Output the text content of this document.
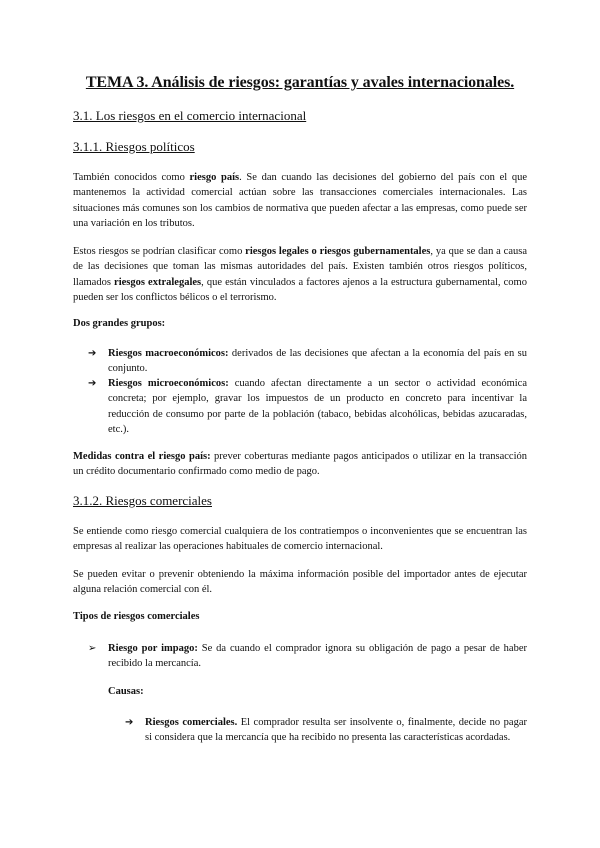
TEMA 3. Análisis de riesgos: garantías y avales internacionales.
3.1. Los riesgos en el comercio internacional
3.1.1. Riesgos políticos

También conocidos como riesgo país. Se dan cuando las decisiones del gobierno del país con el que mantenemos la actividad comercial actúan sobre las transacciones comerciales internacionales. Las situaciones más comunes son los cambios de normativa que pueden afectar a las empresas, como puede ser una variación en los tributos.

Estos riesgos se podrían clasificar como riesgos legales o riesgos gubernamentales, ya que se dan a causa de las decisiones que toman las mismas autoridades del país. Existen también otros riesgos políticos, llamados riesgos extralegales, que están vinculados a factores ajenos a la estructura gubernamental, como pueden ser los conflictos bélicos o el terrorismo.

Dos grandes grupos:

➔ Riesgos macroeconómicos: derivados de las decisiones que afectan a la economía del país en su conjunto.

➔ Riesgos microeconómicos: cuando afectan directamente a un sector o actividad económica concreta; por ejemplo, gravar los impuestos de un producto en concreto para incentivar la reducción de consumo por parte de la población (tabaco, bebidas alcohólicas, bebidas azucaradas, etc.).

Medidas contra el riesgo país: prever coberturas mediante pagos anticipados o utilizar en la transacción un crédito documentario confirmado como medio de pago.

3.1.2. Riesgos comerciales

Se entiende como riesgo comercial cualquiera de los contratiempos o inconvenientes que se encuentran las empresas al realizar las operaciones habituales de comercio internacional.

Se pueden evitar o prevenir obteniendo la máxima información posible del importador antes de ejecutar alguna relación comercial con él.

Tipos de riesgos comerciales

➢ Riesgo por impago: Se da cuando el comprador ignora su obligación de pago a pesar de haber recibido la mercancía.

Causas:

➔ Riesgos comerciales. El comprador resulta ser insolvente o, finalmente, decide no pagar si considera que la mercancía que ha recibido no presenta las características acordadas.
